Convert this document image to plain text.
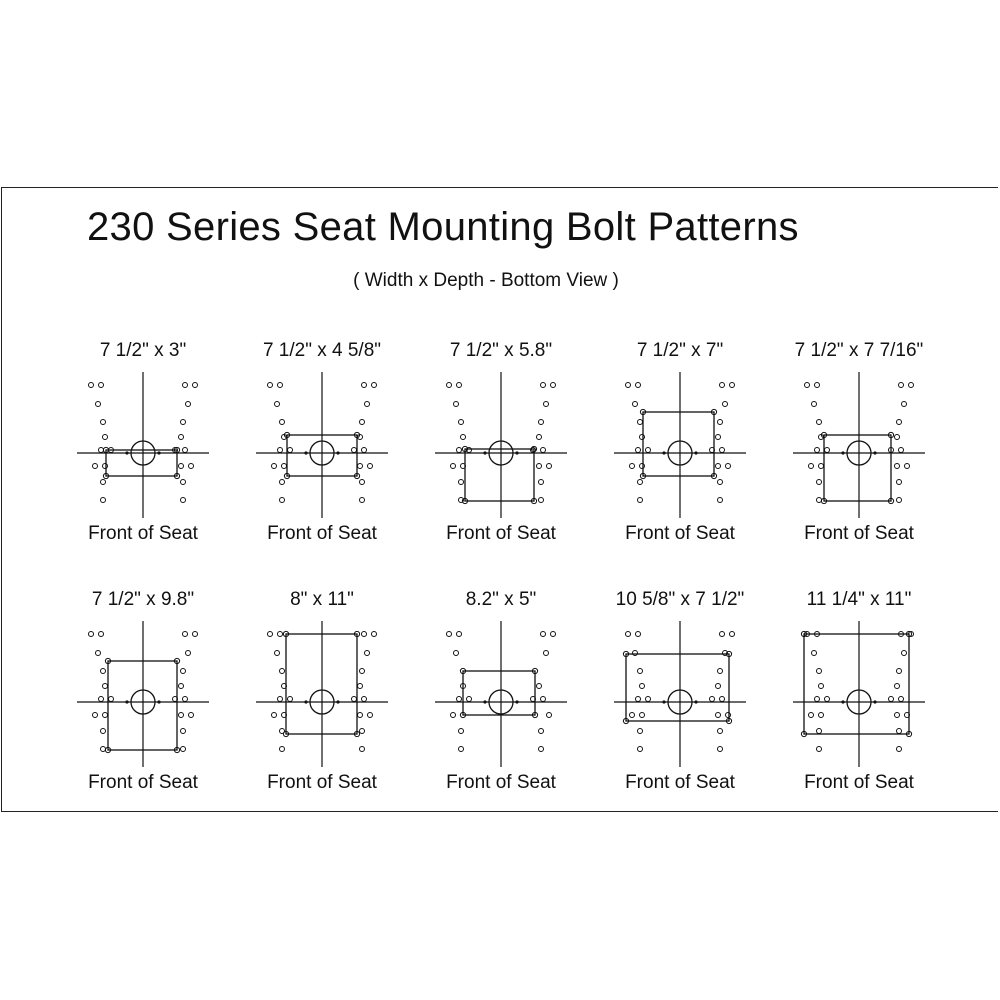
230 Series Seat Mounting Bolt Patterns
( Width x Depth - Bottom View )
7 1/2" x 3"
Front of Seat
7 1/2" x 4 5/8"
Front of Seat
7 1/2" x 5.8"
Front of Seat
7 1/2" x 7"
Front of Seat
7 1/2" x 7 7/16"
Front of Seat
7 1/2" x 9.8"
Front of Seat
8" x 11"
Front of Seat
8.2" x 5"
Front of Seat
10 5/8" x 7 1/2"
Front of Seat
11 1/4" x 11"
Front of Seat
